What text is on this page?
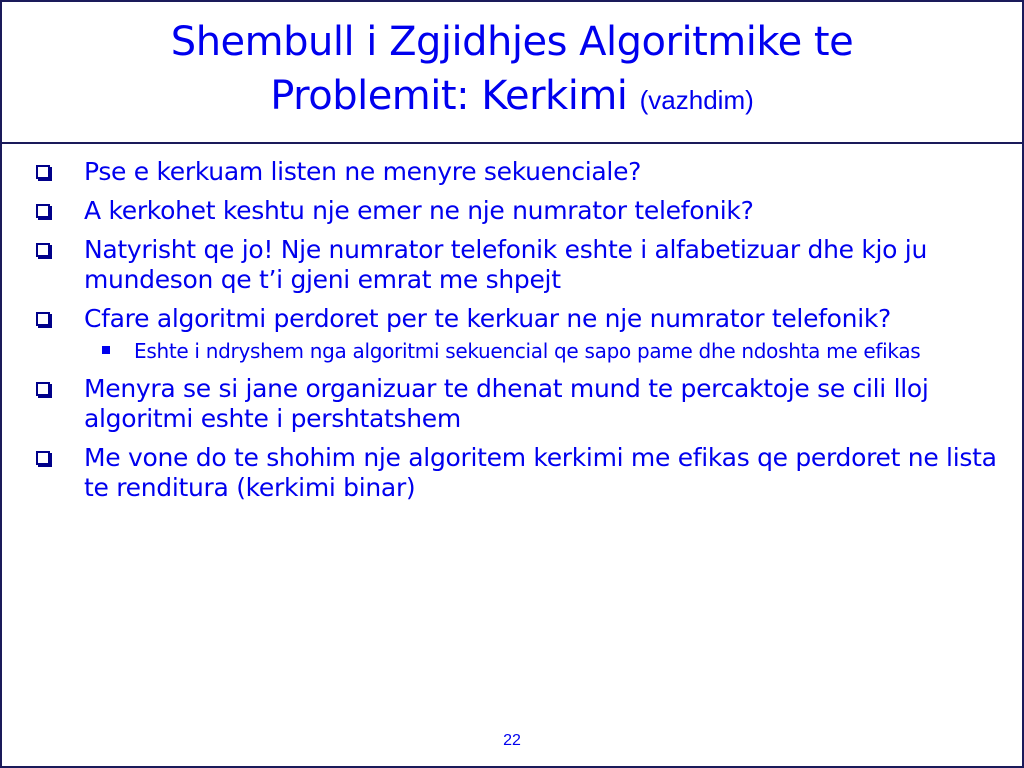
Shembull i Zgjidhjes Algoritmike te
Problemit: Kerkimi (vazhdim)
Pse e kerkuam listen ne menyre sekuenciale?
A kerkohet keshtu nje emer ne nje numrator telefonik?
Natyrisht qe jo! Nje numrator telefonik eshte i alfabetizuar dhe kjo ju mundeson qe t’i gjeni emrat me shpejt
Cfare algoritmi perdoret per te kerkuar ne nje numrator telefonik?
Eshte i ndryshem nga algoritmi sekuencial qe sapo pame dhe ndoshta me efikas
Menyra se si jane organizuar te dhenat mund te percaktoje se cili lloj algoritmi eshte i pershtatshem
Me vone do te shohim nje algoritem kerkimi me efikas qe perdoret ne lista te renditura (kerkimi binar)
22
